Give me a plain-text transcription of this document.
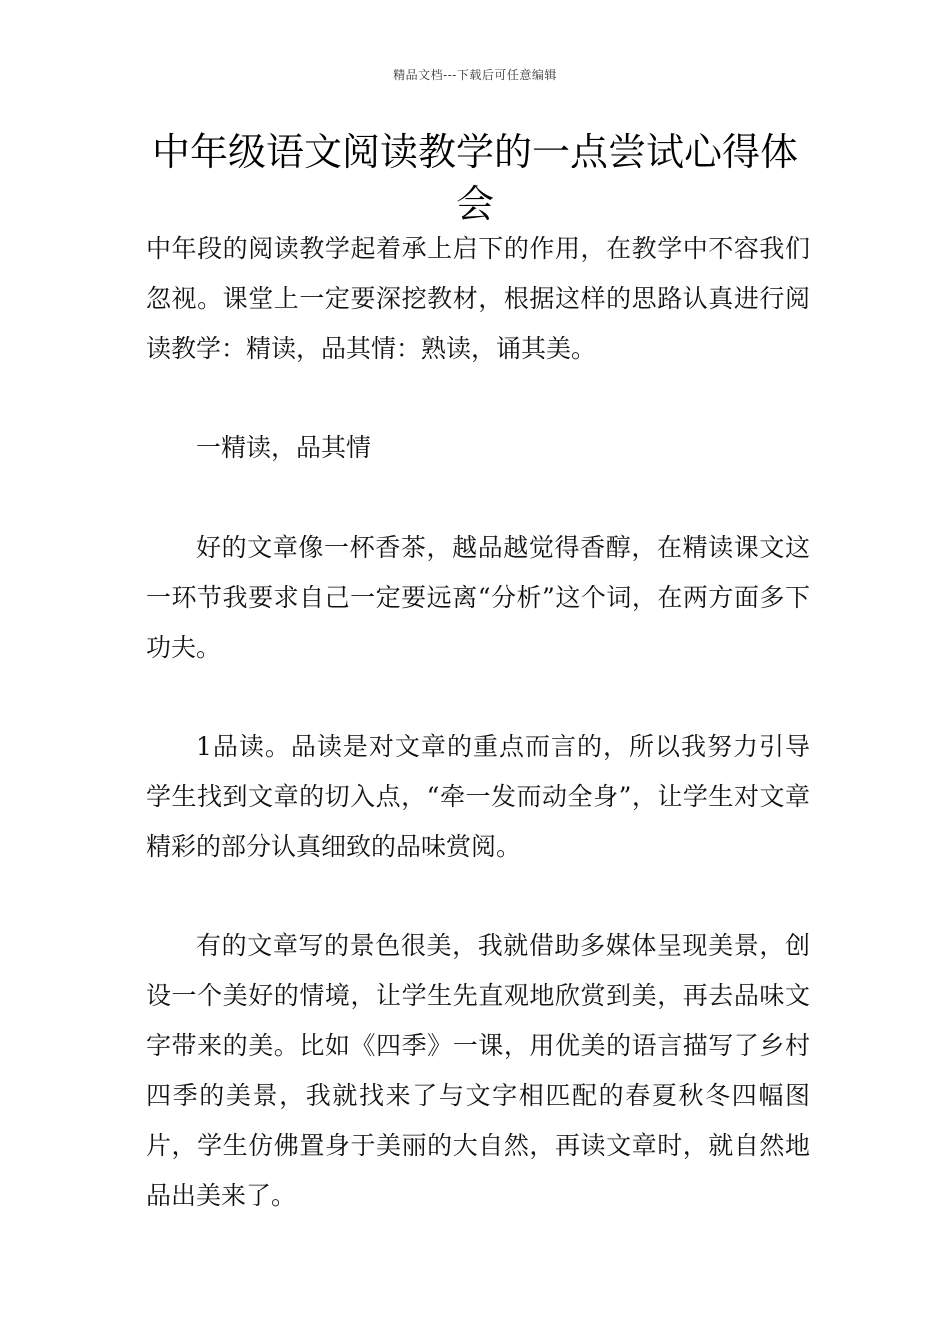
精品文档---下载后可任意编辑
中年级语文阅读教学的一点尝试心得体会

中年段的阅读教学起着承上启下的作用，在教学中不容我们忽视。课堂上一定要深挖教材，根据这样的思路认真进行阅读教学：精读，品其情：熟读，诵其美。

一精读，品其情

好的文章像一杯香茶，越品越觉得香醇，在精读课文这一环节我要求自己一定要远离“分析”这个词，在两方面多下功夫。

1品读。品读是对文章的重点而言的，所以我努力引导学生找到文章的切入点，“牵一发而动全身”，让学生对文章精彩的部分认真细致的品味赏阅。

有的文章写的景色很美，我就借助多媒体呈现美景，创设一个美好的情境，让学生先直观地欣赏到美，再去品味文字带来的美。比如《四季》一课，用优美的语言描写了乡村四季的美景，我就找来了与文字相匹配的春夏秋冬四幅图片，学生仿佛置身于美丽的大自然，再读文章时，就自然地品出美来了。
